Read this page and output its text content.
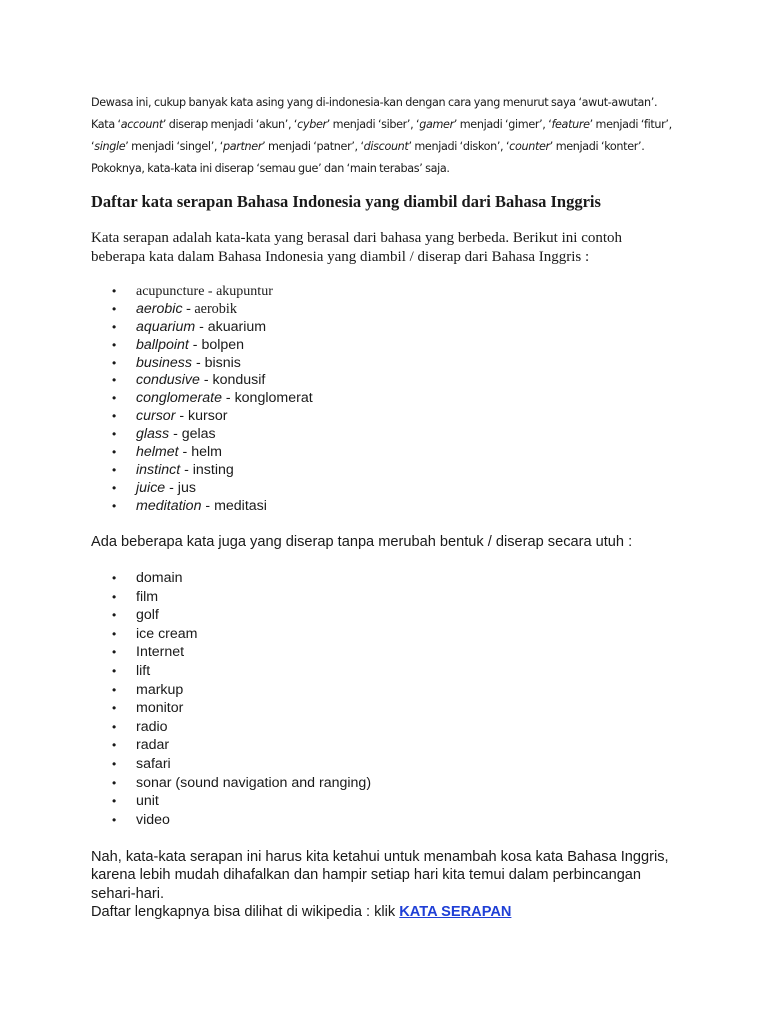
Dewasa ini, cukup banyak kata asing yang di-indonesia-kan dengan cara yang menurut saya ‘awut-awutan’. Kata ‘account’ diserap menjadi ‘akun’, ‘cyber’ menjadi ‘siber’, ‘gamer’ menjadi ‘gimer’, ‘feature’ menjadi ‘fitur’, ‘single’ menjadi ‘singel’, ‘partner’ menjadi ‘patner’, ‘discount’ menjadi ‘diskon’, ‘counter’ menjadi ‘konter’. Pokoknya, kata-kata ini diserap ‘semau gue’ dan ‘main terabas’ saja.

Daftar kata serapan Bahasa Indonesia yang diambil dari Bahasa Inggris
Kata serapan adalah kata-kata yang berasal dari bahasa yang berbeda. Berikut ini contoh beberapa kata dalam Bahasa Indonesia yang diambil / diserap dari Bahasa Inggris :
• acupuncture - akupuntur
• aerobic - aerobik
• aquarium - akuarium
• ballpoint - bolpen
• business - bisnis
• condusive - kondusif
• conglomerate - konglomerat
• cursor - kursor
• glass - gelas
• helmet - helm
• instinct - insting
• juice - jus
• meditation - meditasi
Ada beberapa kata juga yang diserap tanpa merubah bentuk / diserap secara utuh :
• domain
• film
• golf
• ice cream
• Internet
• lift
• markup
• monitor
• radio
• radar
• safari
• sonar (sound navigation and ranging)
• unit
• video
Nah, kata-kata serapan ini harus kita ketahui untuk menambah kosa kata Bahasa Inggris, karena lebih mudah dihafalkan dan hampir setiap hari kita temui dalam perbincangan sehari-hari.
Daftar lengkapnya bisa dilihat di wikipedia : klik KATA SERAPAN
